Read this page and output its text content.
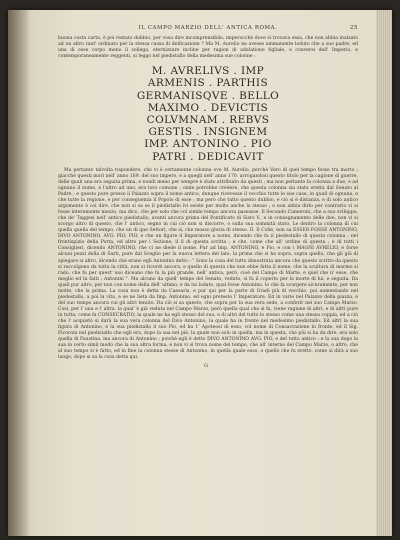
IL CAMPO MARZIO DELL' ANTICA ROMA.	25

buona costa carta, è poi restato dubbio, per cosa dire incomprensibile, imperocchè dove si trovava essa, che non abbia inalzato ad un altro tant' ordinato per la stessa cassa di deificazione ? Ma M. Aurelio ne avesse ammanente loduto che a suo padre, ed una di esse corpo meno il sollega, eternizzare incline per ragion di adulatione figliale, e conversi dell' Imperio, e contemporaneamente reggenti, si leggo nel piedistallo della medesima sue colonne :

M. AVRELIVS . IMP
ARMENIS . PARTHIS
GERMANISQVE . BELLO
MAXIMO . DEVICTIS
COLVMNAM . REBVS
GESTIS . INSIGNEM
IMP. ANTONINO . PIO
PATRI . DEDICAVIT

Ma pertanto talvolta rispondere, che vi è certamente colonna ove M. Aurelio, perchè Vero di quel tempo fosse tra morto ; giacchè questi morì nell' anno 169. del suo impero, e a quegli nell' anno 170. arrogandosi questo titolo per la cagione di guerre, delle quali una era seguita prima, e nondi meno per sempre è stato attribuito da questi ; ma non pertanto la colonna a due, e ad ognuno il nome, e l'altro ad uno, era loro comune ; onde potrebbe credere, che questa colonna sia stata eretta dal Senato al Padre ; e questo pure presso il Palazzo sopra il nome antico, dunque ricevesse il vecchio tutte le sue case, in quali di ognuna, e che tutte la regione, e per conseguenza il Popolo di esse ; ma però che tutto questo dubbio, e ciò si è distanza, e di solo antico argomento è col dire, che non si sa se il piedistallo ivi esiste per molto anche lo stesso ; e non abbia dirlo per contrario vi si fosse interamente mezzo, ma dico, che per solo che col simile tempo ancora passasse. Il Secondo Cameroni, che a suo sviluppo, che de' Taggesi nell' antico piedistallo, avanti ancora prima del Pontificato di Sisto V., e in consegnamento delle due, non vi si scorgo altro di questo, che l' antico, segno in cui ciò non si discorre, o sulla sua sommità stato. Le dentro la colonna di cui quella quella del tempo, che un di que Settori, che sì, che mosso gloria di stesso. II. Il Colle, non sa ESSER FOSSE ANTONINO, DIVO ANTONINO, AVG. PIO, PIO, e che un figure il Imperatore a nome, dicendo che fu il piedestallo di questa colonna ; nel frontispizio della Porta, ed altro per i Sezione, il il di questa scritta ; e che, come che all' ordine di questa ; e di tutti i Consiglieri, dicendo ANTONINO, che ci ne diede il nome. Pur ad Imp. ANTONINO, e Pio, e con i MAGNI AVRELIO, e forse alcuni pezzi della di Sarti, pure dal Sceglio per la nuova lettera del lato, la prima che si ha sopra, sopra quello, che gli già di spiegare si altro, dicendo che erano egli Antonino detto : " Sono la cosa del tutto dimostrata ancora che questo scritto da questo si raccolgono da tutta la città, non si ricordi ancora, e quello di questa che non ebbe fatta il nome, che la scultura di marmo si rado, che fu per quest' uso diceano che fu la più grande, nell' antica, però, cioè del Campo di Marte, e quel che n' esse, che meglio ed in fatti : Antonini ". Ma alcuno da quell' tempo del Senato, veduto, si fu il coperto per la morte di lui, e seguita. Da quali pur altro, per non con nome della dell' ultimo, e da lui lodato, qual fosse Antonino, lo che fa scorgere sicuramente, per non molte, che la prima. La cosa non è detta da Caesaris, e pur qui per la parte di Gradi più di vecchio, poi aumentando nel piedestallo, a poi la vita, e se ne lieta da Imp. Antonino, ed ogni pretesto l' Imperatore. Ed in varie nel Palazzo della piazza, e del suo tempo ancora cui gli altri tenuto. Da ciò si sa questo, che sopra per la sua vera sede, a conferir nel suo Campo Marzo. Così, per l' una e l' altra, la qual' è già veduta nel Campo Marzo, però quella qual che si fa, viene ragione di altri, e di altri pure in tutta; come fa CONSECRATIO, la quale ne ha egli stesso del suo, e di altri del tutto lo stesso come una stessa coppia, ed a ciò che l' acquistò si darà la sua vera colonna del Divo Antonino, la quale ha in fronte nel medesimo piedistallo. Ed altri la sua figura di Antonino, e la sua piedistallo il suo Pio, ed ha 1' Apoteosi di esso, col nome di Consacrazione in fronte, ed il Sig. Ficoroni nel piedistallo che egli era, dopo la sua nel piè, la quale non solo in quella, ma in questa, che più si ha da dire, era solo quella di Faustina, ma ancora di Antonino ; poichè egli è detto DIVO ANTONINO AVG. PIO, e del tutto antico : e la sua dopo la sua in certo simil modo che la sua altra forma, e non vi si trova nome del tempo, che all' interno del Campo Marzo, o altro, che al suo tempo si è fatto, ed in fine la colonna stesse di Antonino, in quella quale esso, o quello che fu eretto, come si dirà a suo luogo, dopo si sa la cosa detta qui.

G
